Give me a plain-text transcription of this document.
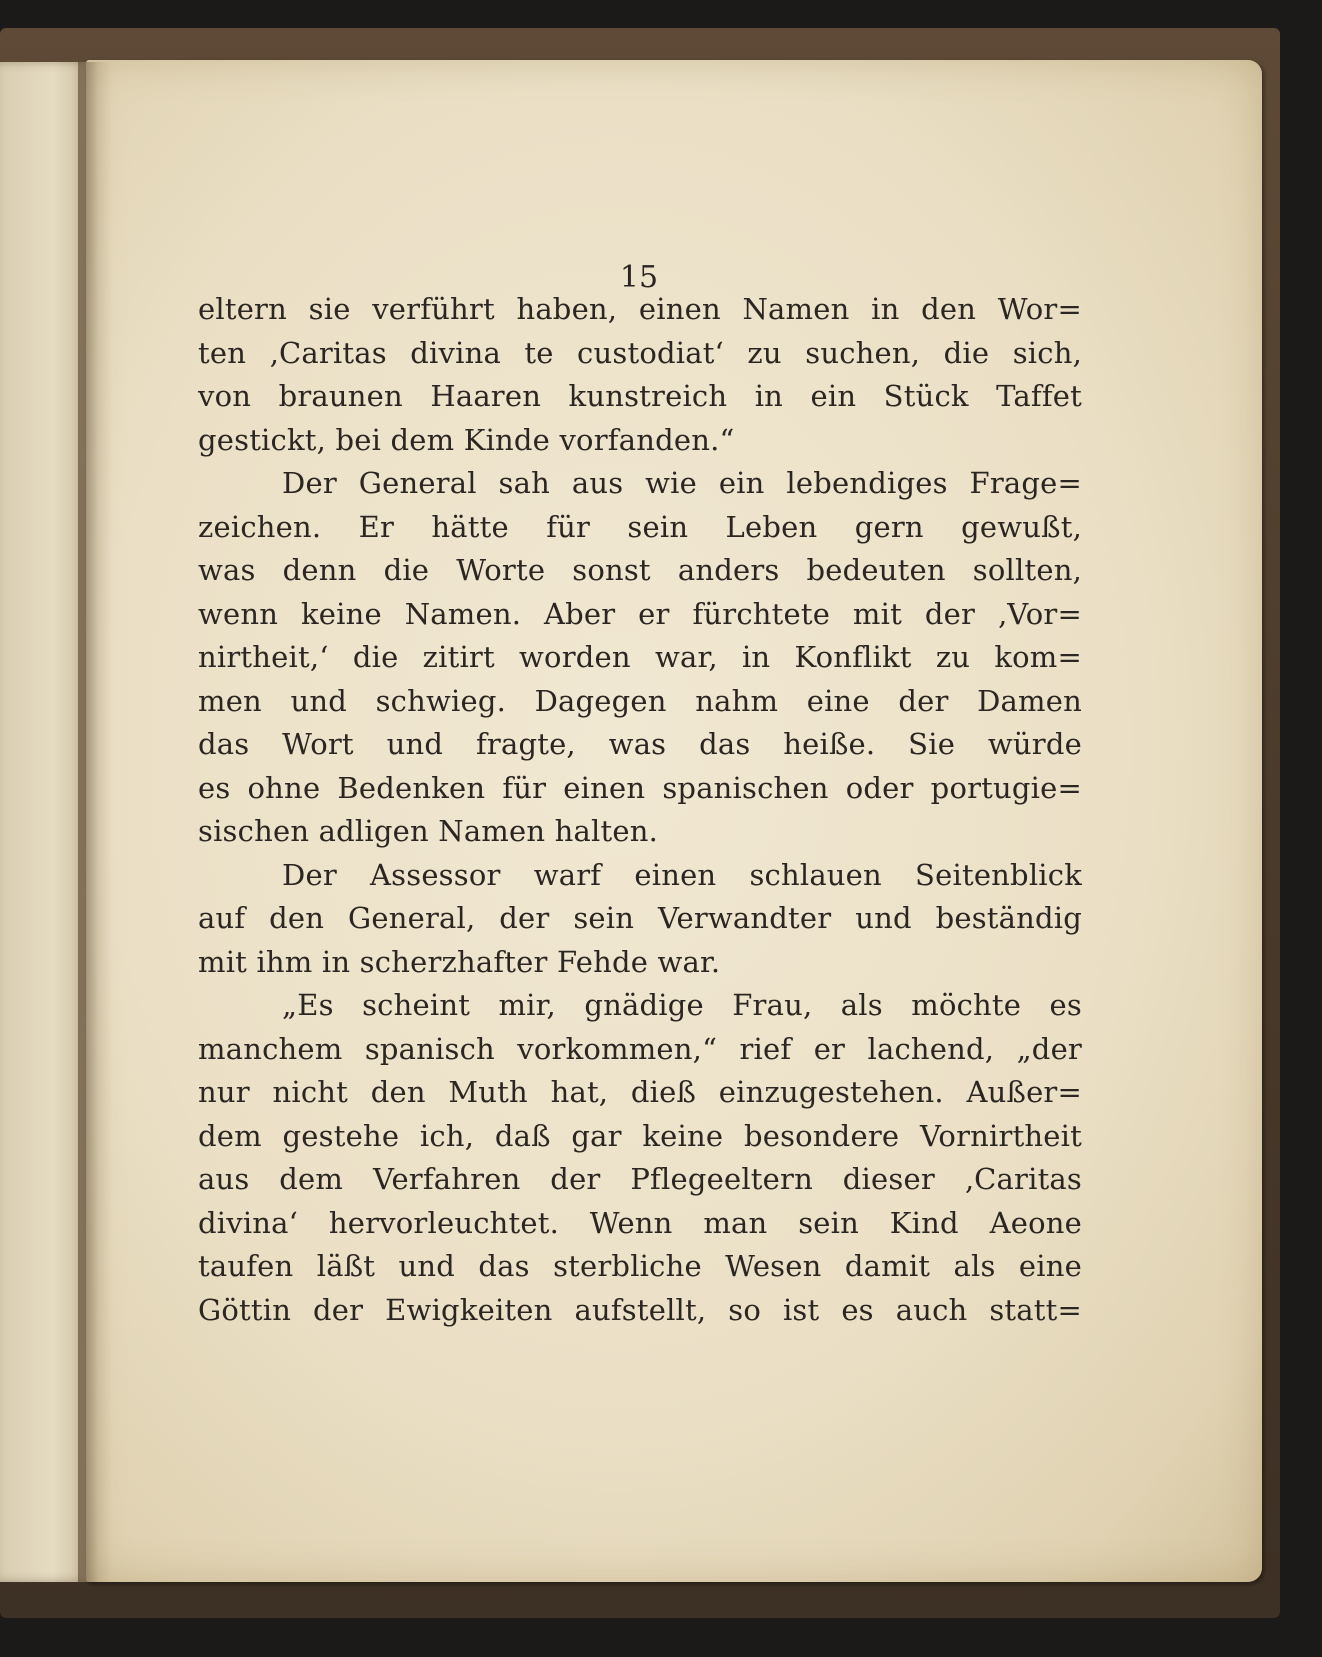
15
eltern sie verführt haben, einen Namen in den Wor=
ten ‚Caritas divina te custodiat‘ zu suchen, die sich,
von braunen Haaren kunstreich in ein Stück Taffet
gestickt, bei dem Kinde vorfanden.“
Der General sah aus wie ein lebendiges Frage=
zeichen. Er hätte für sein Leben gern gewußt,
was denn die Worte sonst anders bedeuten sollten,
wenn keine Namen. Aber er fürchtete mit der ‚Vor=
nirtheit,‘ die zitirt worden war, in Konflikt zu kom=
men und schwieg. Dagegen nahm eine der Damen
das Wort und fragte, was das heiße. Sie würde
es ohne Bedenken für einen spanischen oder portugie=
sischen adligen Namen halten.
Der Assessor warf einen schlauen Seitenblick
auf den General, der sein Verwandter und beständig
mit ihm in scherzhafter Fehde war.
„Es scheint mir, gnädige Frau, als möchte es
manchem spanisch vorkommen,“ rief er lachend, „der
nur nicht den Muth hat, dieß einzugestehen. Außer=
dem gestehe ich, daß gar keine besondere Vornirtheit
aus dem Verfahren der Pflegeeltern dieser ‚Caritas
divina‘ hervorleuchtet. Wenn man sein Kind Aeone
taufen läßt und das sterbliche Wesen damit als eine
Göttin der Ewigkeiten aufstellt, so ist es auch statt=
